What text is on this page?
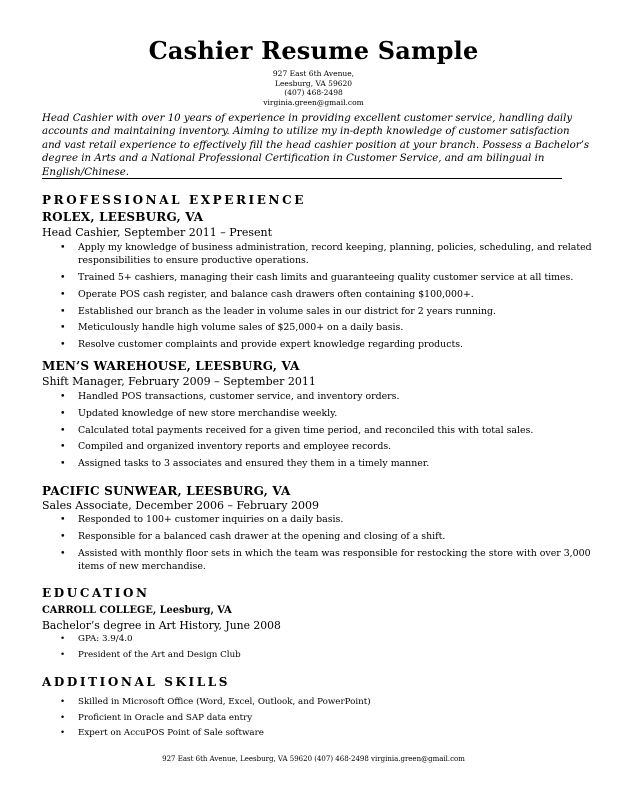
Cashier Resume Sample
927 East 6th Avenue,
Leesburg, VA 59620
(407) 468-2498
virginia.green@gmail.com
Head Cashier with over 10 years of experience in providing excellent customer service, handling daily accounts and maintaining inventory. Aiming to utilize my in-depth knowledge of customer satisfaction and vast retail experience to effectively fill the head cashier position at your branch. Possess a Bachelor’s degree in Arts and a National Professional Certification in Customer Service, and am bilingual in English/Chinese.
PROFESSIONAL EXPERIENCE
ROLEX, LEESBURG, VA
Head Cashier, September 2011 – Present
• Apply my knowledge of business administration, record keeping, planning, policies, scheduling, and related responsibilities to ensure productive operations.
• Trained 5+ cashiers, managing their cash limits and guaranteeing quality customer service at all times.
• Operate POS cash register, and balance cash drawers often containing $100,000+.
• Established our branch as the leader in volume sales in our district for 2 years running.
• Meticulously handle high volume sales of $25,000+ on a daily basis.
• Resolve customer complaints and provide expert knowledge regarding products.
MEN’S WAREHOUSE, LEESBURG, VA
Shift Manager, February 2009 – September 2011
• Handled POS transactions, customer service, and inventory orders.
• Updated knowledge of new store merchandise weekly.
• Calculated total payments received for a given time period, and reconciled this with total sales.
• Compiled and organized inventory reports and employee records.
• Assigned tasks to 3 associates and ensured they them in a timely manner.
PACIFIC SUNWEAR, LEESBURG, VA
Sales Associate, December 2006 – February 2009
• Responded to 100+ customer inquiries on a daily basis.
• Responsible for a balanced cash drawer at the opening and closing of a shift.
• Assisted with monthly floor sets in which the team was responsible for restocking the store with over 3,000 items of new merchandise.
EDUCATION
CARROLL COLLEGE, Leesburg, VA
Bachelor’s degree in Art History, June 2008
• GPA: 3.9/4.0
• President of the Art and Design Club
ADDITIONAL SKILLS
• Skilled in Microsoft Office (Word, Excel, Outlook, and PowerPoint)
• Proficient in Oracle and SAP data entry
• Expert on AccuPOS Point of Sale software
927 East 6th Avenue, Leesburg, VA 59620 (407) 468-2498 virginia.green@gmail.com
